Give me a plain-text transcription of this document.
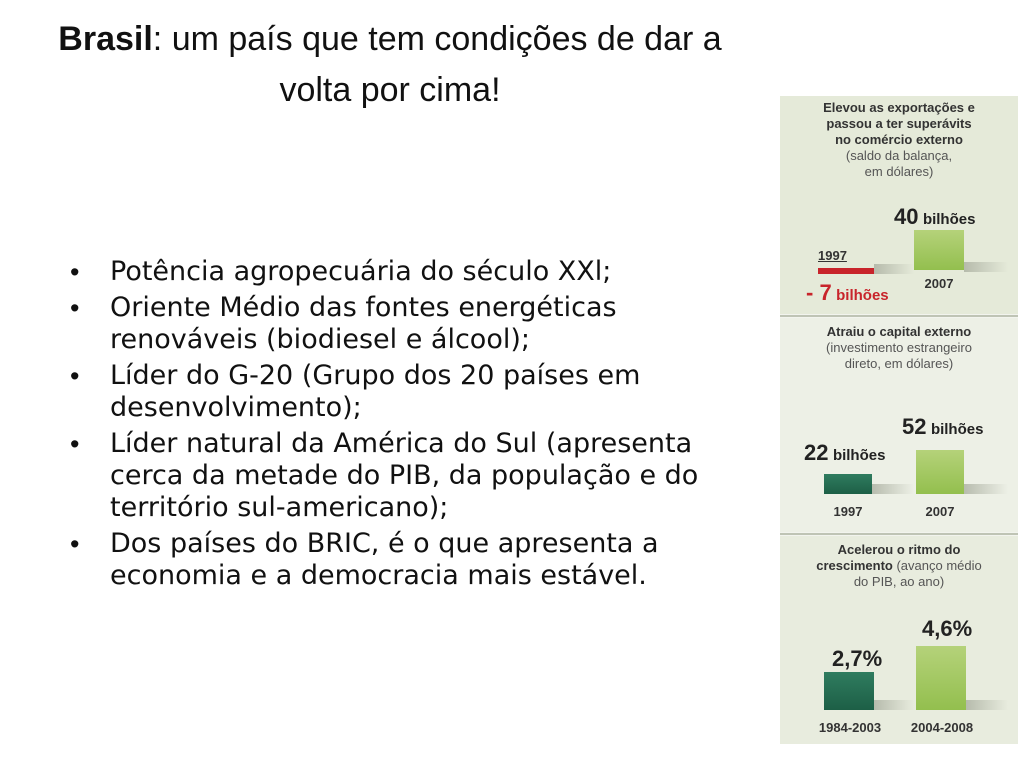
Brasil: um país que tem condições de dar a
volta por cima!
• Potência agropecuária do século XXl;
• Oriente Médio das fontes energéticas renováveis (biodiesel e álcool);
• Líder do G-20 (Grupo dos 20 países em desenvolvimento);
• Líder natural da América do Sul (apresenta cerca da metade do PIB, da população e do território sul-americano);
• Dos países do BRIC, é o que apresenta a economia e a democracia mais estável.
Elevou as exportações e
passou a ter superávits
no comércio externo
(saldo da balança,
em dólares)
40 bilhões
1997
- 7 bilhões
2007
Atraiu o capital externo
(investimento estrangeiro
direto, em dólares)
52 bilhões
22 bilhões
1997	2007
Acelerou o ritmo do
crescimento (avanço médio
do PIB, ao ano)
4,6%
2,7%
1984-2003	2004-2008
